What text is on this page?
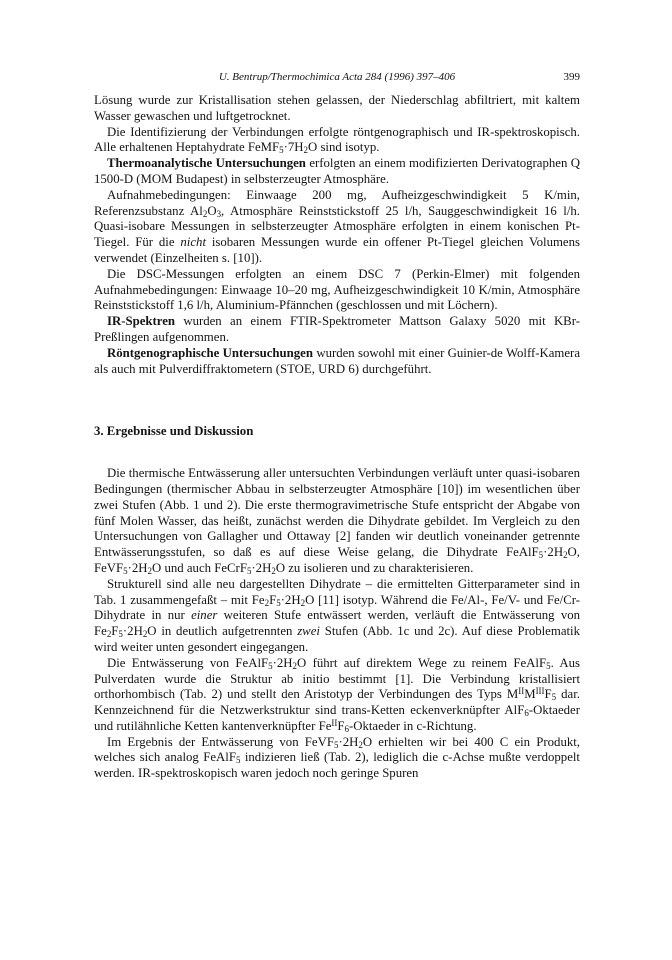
U. Bentrup/Thermochimica Acta 284 (1996) 397–406	399

Lösung wurde zur Kristallisation stehen gelassen, der Niederschlag abfiltriert, mit kaltem Wasser gewaschen und luftgetrocknet.

Die Identifizierung der Verbindungen erfolgte röntgenographisch und IR-spektroskopisch. Alle erhaltenen Heptahydrate $FeMF_5\cdot 7H_2O$ sind isotyp.

Thermoanalytische Untersuchungen erfolgten an einem modifizierten Derivatographen Q 1500-D (MOM Budapest) in selbsterzeugter Atmosphäre.

Aufnahmebedingungen: Einwaage 200 mg, Aufheizgeschwindigkeit 5 K/min, Referenzsubstanz $Al_2O_3$, Atmosphäre Reinststickstoff 25 l/h, Sauggeschwindigkeit 16 l/h. Quasi-isobare Messungen in selbsterzeugter Atmosphäre erfolgten in einem konischen Pt-Tiegel. Für die nicht isobaren Messungen wurde ein offener Pt-Tiegel gleichen Volumens verwendet (Einzelheiten s. [10]).

Die DSC-Messungen erfolgten an einem DSC 7 (Perkin-Elmer) mit folgenden Aufnahmebedingungen: Einwaage 10–20 mg, Aufheizgeschwindigkeit 10 K/min, Atmosphäre Reinststickstoff 1,6 l/h, Aluminium-Pfännchen (geschlossen und mit Löchern).

IR-Spektren wurden an einem FTIR-Spektrometer Mattson Galaxy 5020 mit KBr-Preßlingen aufgenommen.

Röntgenographische Untersuchungen wurden sowohl mit einer Guinier-de Wolff-Kamera als auch mit Pulverdiffraktometern (STOE, URD 6) durchgeführt.

3. Ergebnisse und Diskussion

Die thermische Entwässerung aller untersuchten Verbindungen verläuft unter quasi-isobaren Bedingungen (thermischer Abbau in selbsterzeugter Atmosphäre [10]) im wesentlichen über zwei Stufen (Abb. 1 und 2). Die erste thermogravimetrische Stufe entspricht der Abgabe von fünf Molen Wasser, das heißt, zunächst werden die Dihydrate gebildet. Im Vergleich zu den Untersuchungen von Gallagher und Ottaway [2] fanden wir deutlich voneinander getrennte Entwässerungsstufen, so daß es auf diese Weise gelang, die Dihydrate $FeAlF_5\cdot 2H_2O$, $FeVF_5\cdot 2H_2O$ und auch $FeCrF_5\cdot 2H_2O$ zu isolieren und zu charakterisieren.

Strukturell sind alle neu dargestellten Dihydrate – die ermittelten Gitterparameter sind in Tab. 1 zusammengefaßt – mit $Fe_2F_5\cdot 2H_2O$ [11] isotyp. Während die Fe/Al-, Fe/V- und Fe/Cr-Dihydrate in nur einer weiteren Stufe entwässert werden, verläuft die Entwässerung von $Fe_2F_5\cdot 2H_2O$ in deutlich aufgetrennten zwei Stufen (Abb. 1c und 2c). Auf diese Problematik wird weiter unten gesondert eingegangen.

Die Entwässerung von $FeAlF_5\cdot 2H_2O$ führt auf direktem Wege zu reinem FeAlF$_5$. Aus Pulverdaten wurde die Struktur ab initio bestimmt [1]. Die Verbindung kristallisiert orthorhombisch (Tab. 2) und stellt den Aristotyp der Verbindungen des Typs $M^{II}M^{III}F_5$ dar. Kennzeichnend für die Netzwerkstruktur sind trans-Ketten eckenverknüpfter AlF$_6$-Oktaeder und rutilähnliche Ketten kantenverknüpfter $Fe^{II}F_6$-Oktaeder in c-Richtung.

Im Ergebnis der Entwässerung von $FeVF_5\cdot 2H_2O$ erhielten wir bei 400 C ein Produkt, welches sich analog FeAlF$_5$ indizieren ließ (Tab. 2), lediglich die c-Achse mußte verdoppelt werden. IR-spektroskopisch waren jedoch noch geringe Spuren
